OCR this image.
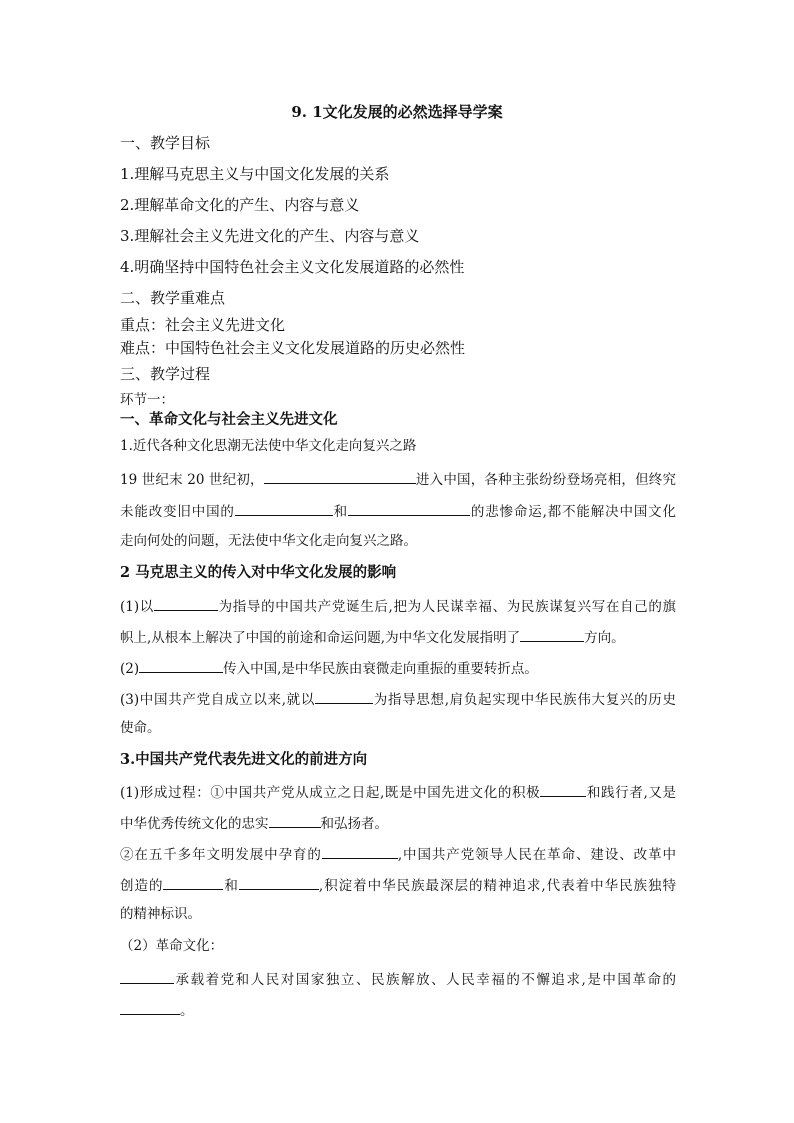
9. 1文化发展的必然选择导学案
一、教学目标
1.理解马克思主义与中国文化发展的关系
2.理解革命文化的产生、内容与意义
3.理解社会主义先进文化的产生、内容与意义
4.明确坚持中国特色社会主义文化发展道路的必然性
二、教学重难点
重点：社会主义先进文化
难点：中国特色社会主义文化发展道路的历史必然性
三、教学过程
环节一：
一、革命文化与社会主义先进文化
1.近代各种文化思潮无法使中华文化走向复兴之路
19 世纪末 20 世纪初，	进入中国，各种主张纷纷登场亮相，但终究
未能改变旧中国的	和	的悲惨命运,都不能解决中国文化
走向何处的问题，无法使中华文化走向复兴之路。
2 马克思主义的传入对中华文化发展的影响
(1)以	为指导的中国共产党诞生后,把为人民谋幸福、为民族谋复兴写在自己的旗
帜上,从根本上解决了中国的前途和命运问题,为中华文化发展指明了	方向。
(2)	传入中国,是中华民族由衰微走向重振的重要转折点。
(3)中国共产党自成立以来,就以	为指导思想,肩负起实现中华民族伟大复兴的历史
使命。
3.中国共产党代表先进文化的前进方向
(1)形成过程：①中国共产党从成立之日起,既是中国先进文化的积极	和践行者,又是
中华优秀传统文化的忠实	和弘扬者。
②在五千多年文明发展中孕育的	,中国共产党领导人民在革命、建设、改革中
创造的	和	,积淀着中华民族最深层的精神追求,代表着中华民族独特
的精神标识。
（2）革命文化：
承载着党和人民对国家独立、民族解放、人民幸福的不懈追求,是中国革命的
。
